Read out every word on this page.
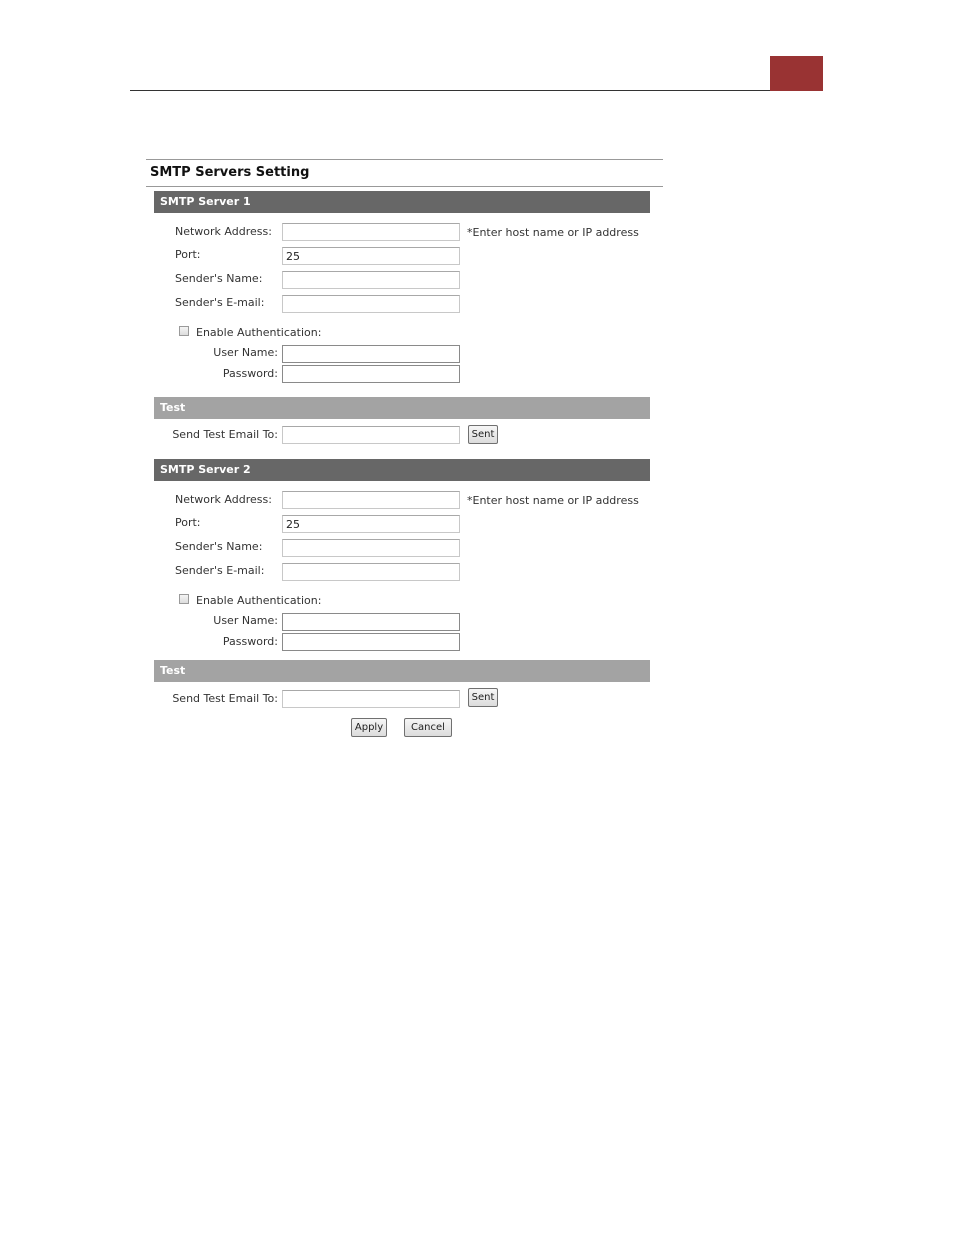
SMTP Servers Setting
SMTP Server 1
Network Address:	*Enter host name or IP address
Port:
25
Sender's Name:
Sender's E-mail:
Enable Authentication:
User Name:
Password:
Test
Send Test Email To:	Sent
SMTP Server 2
Network Address:	*Enter host name or IP address
Port:
25
Sender's Name:
Sender's E-mail:
Enable Authentication:
User Name:
Password:
Test
Send Test Email To:	Sent
Apply	Cancel
